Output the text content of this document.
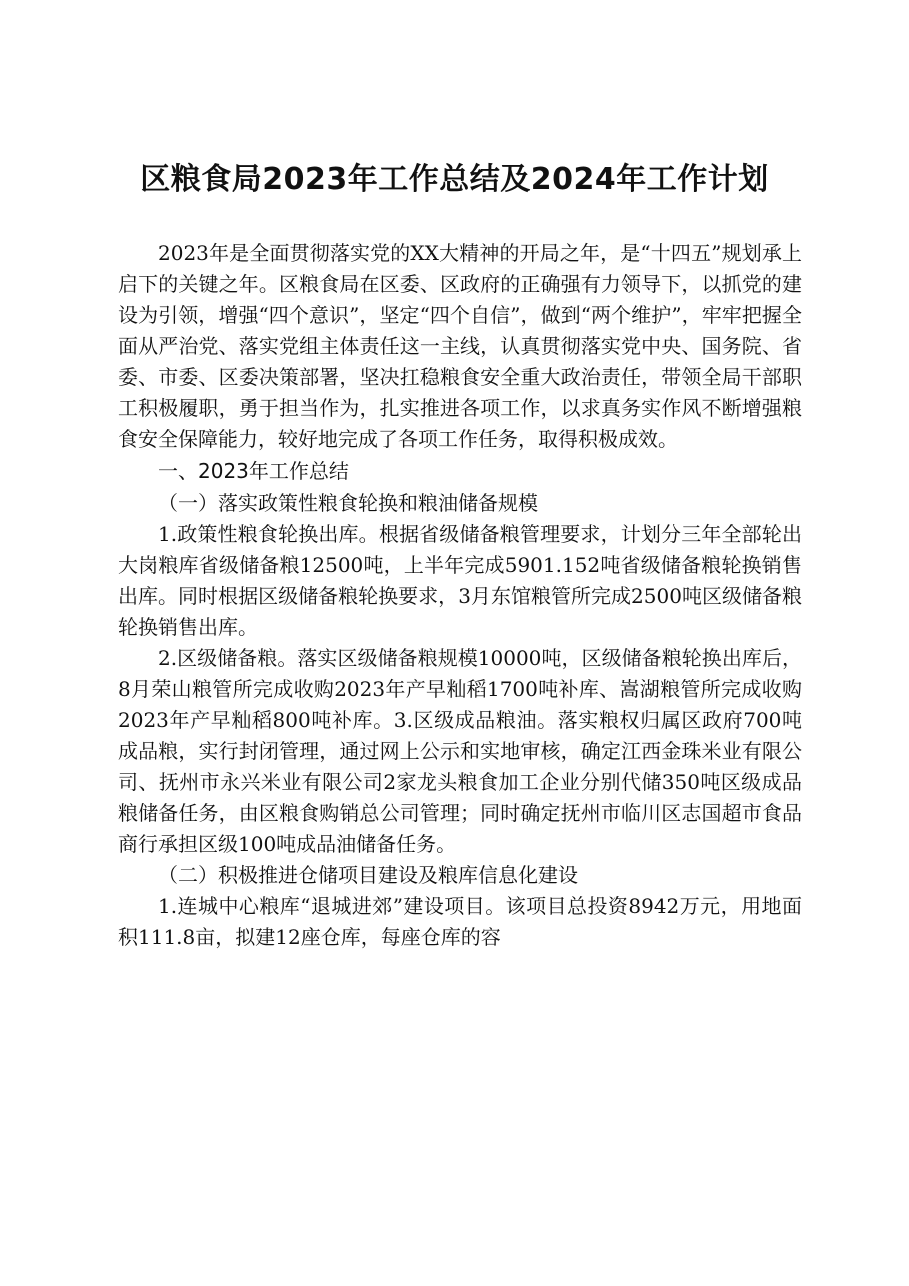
区粮食局2023年工作总结及2024年工作计划

2023年是全面贯彻落实党的XX大精神的开局之年，是“十四五”规划承上启下的关键之年。区粮食局在区委、区政府的正确强有力领导下，以抓党的建设为引领，增强“四个意识”，坚定“四个自信”，做到“两个维护”，牢牢把握全面从严治党、落实党组主体责任这一主线，认真贯彻落实党中央、国务院、省委、市委、区委决策部署，坚决扛稳粮食安全重大政治责任，带领全局干部职工积极履职，勇于担当作为，扎实推进各项工作，以求真务实作风不断增强粮食安全保障能力，较好地完成了各项工作任务，取得积极成效。

一、2023年工作总结

（一）落实政策性粮食轮换和粮油储备规模

1.政策性粮食轮换出库。根据省级储备粮管理要求，计划分三年全部轮出大岗粮库省级储备粮12500吨，上半年完成5901.152吨省级储备粮轮换销售出库。同时根据区级储备粮轮换要求，3月东馆粮管所完成2500吨区级储备粮轮换销售出库。

2.区级储备粮。落实区级储备粮规模10000吨，区级储备粮轮换出库后，8月荣山粮管所完成收购2023年产早籼稻1700吨补库、嵩湖粮管所完成收购2023年产早籼稻800吨补库。3.区级成品粮油。落实粮权归属区政府700吨成品粮，实行封闭管理，通过网上公示和实地审核，确定江西金珠米业有限公司、抚州市永兴米业有限公司2家龙头粮食加工企业分别代储350吨区级成品粮储备任务，由区粮食购销总公司管理；同时确定抚州市临川区志国超市食品商行承担区级100吨成品油储备任务。

（二）积极推进仓储项目建设及粮库信息化建设

1.连城中心粮库“退城进郊”建设项目。该项目总投资8942万元，用地面积111.8亩，拟建12座仓库，每座仓库的容
